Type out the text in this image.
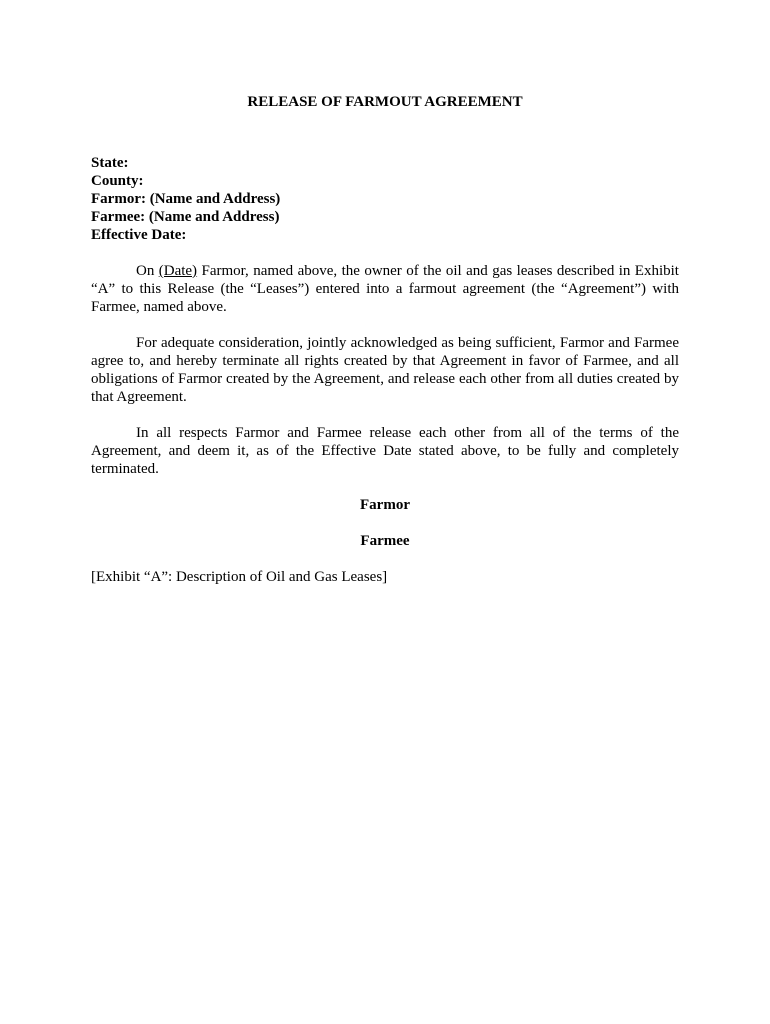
RELEASE OF FARMOUT AGREEMENT
State:
County:
Farmor: (Name and Address)
Farmee: (Name and Address)
Effective Date:

On (Date) Farmor, named above, the owner of the oil and gas leases described in Exhibit “A” to this Release (the “Leases”) entered into a farmout agreement (the “Agreement”) with Farmee, named above.

For adequate consideration, jointly acknowledged as being sufficient, Farmor and Farmee agree to, and hereby terminate all rights created by that Agreement in favor of Farmee, and all obligations of Farmor created by the Agreement, and release each other from all duties created by that Agreement.

In all respects Farmor and Farmee release each other from all of the terms of the Agreement, and deem it, as of the Effective Date stated above, to be fully and completely terminated.

Farmor
Farmee
[Exhibit “A”: Description of Oil and Gas Leases]
